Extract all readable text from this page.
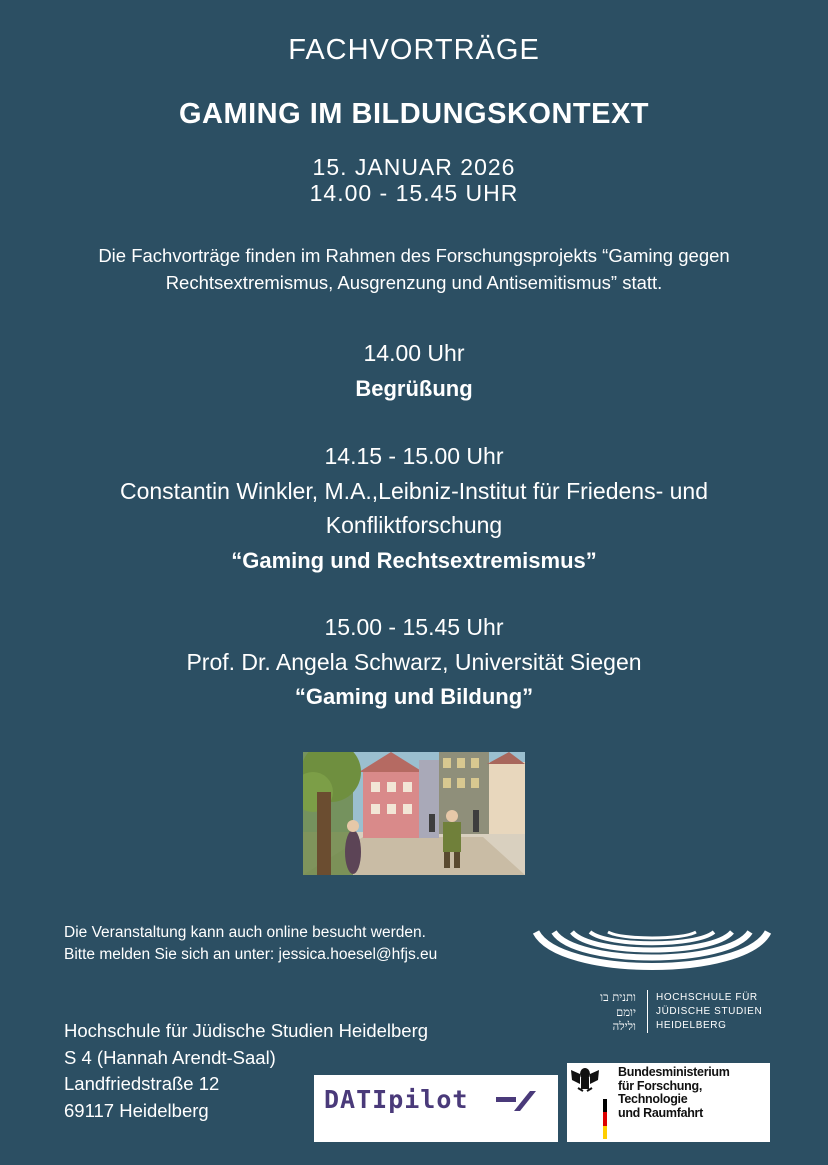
FACHVORTRÄGE
GAMING IM BILDUNGSKONTEXT
15. JANUAR 2026
14.00 - 15.45 UHR
Die Fachvorträge finden im Rahmen des Forschungsprojekts “Gaming gegen
Rechtsextremismus, Ausgrenzung und Antisemitismus” statt.
14.00 Uhr
Begrüßung
14.15 - 15.00 Uhr
Constantin Winkler, M.A.,Leibniz-Institut für Friedens- und
Konfliktforschung
“Gaming und Rechtsextremismus”
15.00 - 15.45 Uhr
Prof. Dr. Angela Schwarz, Universität Siegen
“Gaming und Bildung”
Die Veranstaltung kann auch online besucht werden.
Bitte melden Sie sich an unter: jessica.hoesel@hfjs.eu
Hochschule für Jüdische Studien Heidelberg
S 4 (Hannah Arendt-Saal)
Landfriedstraße 12
69117 Heidelberg
ותנית בו
יומם
ולילה
HOCHSCHULE FÜR
JÜDISCHE STUDIEN
HEIDELBERG
DATIpilot
Bundesministerium
für Forschung, Technologie
und Raumfahrt
